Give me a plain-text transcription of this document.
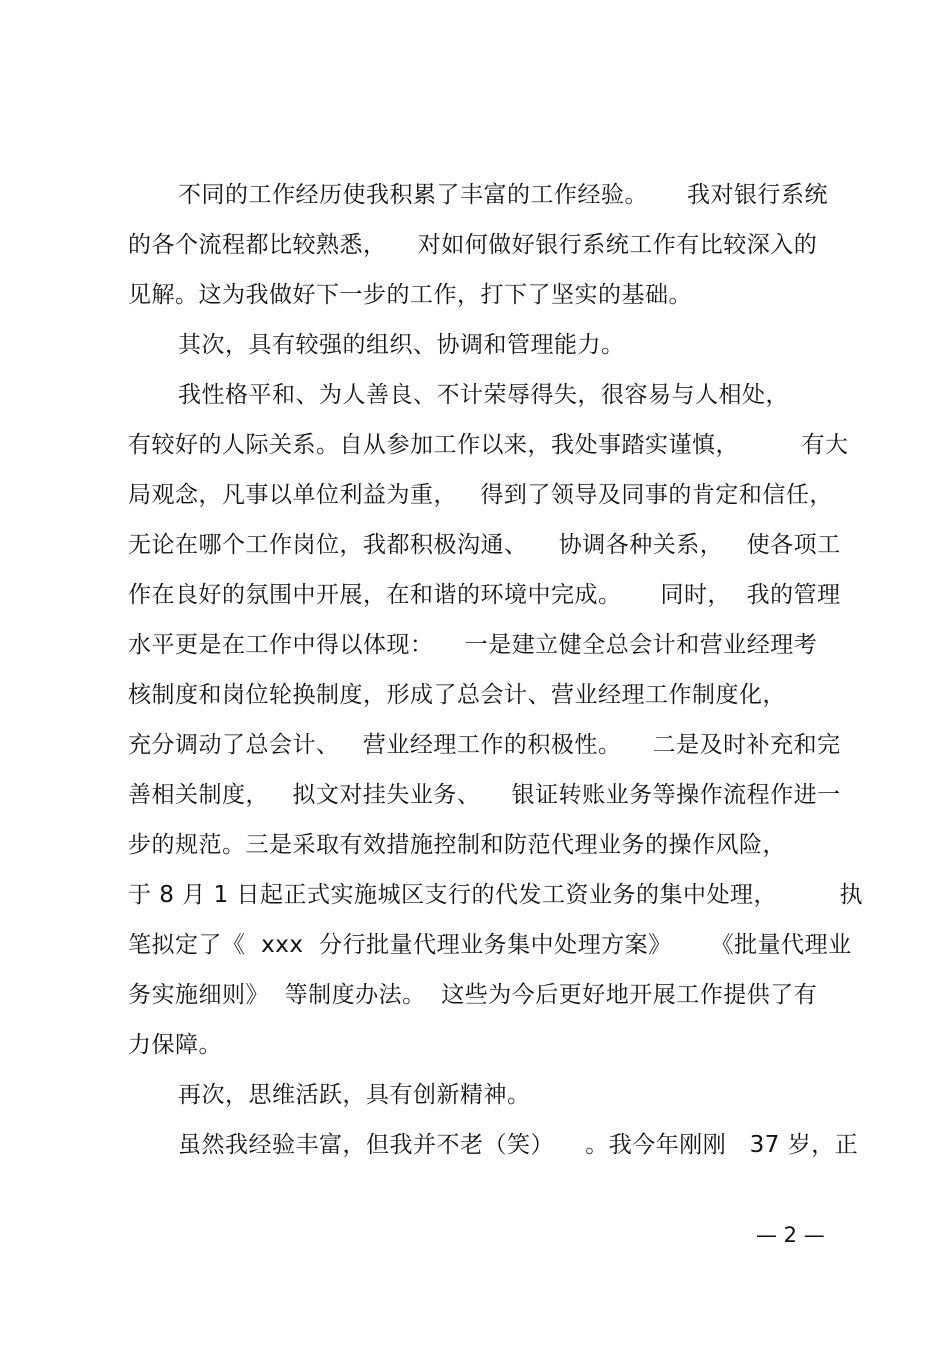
不同的工作经历使我积累了丰富的工作经验。     我对银行系统
的各个流程都比较熟悉，    对如何做好银行系统工作有比较深入的
见解。这为我做好下一步的工作，打下了坚实的基础。
其次，具有较强的组织、协调和管理能力。
我性格平和、为人善良、不计荣辱得失，很容易与人相处，
有较好的人际关系。自从参加工作以来，我处事踏实谨慎，        有大
局观念，凡事以单位利益为重，   得到了领导及同事的肯定和信任，
无论在哪个工作岗位，我都积极沟通、    协调各种关系，   使各项工
作在良好的氛围中开展，在和谐的环境中完成。     同时，  我的管理
水平更是在工作中得以体现：    一是建立健全总会计和营业经理考
核制度和岗位轮换制度，形成了总会计、营业经理工作制度化，
充分调动了总会计、   营业经理工作的积极性。    二是及时补充和完
善相关制度，   拟文对挂失业务、    银证转账业务等操作流程作进一
步的规范。三是采取有效措施控制和防范代理业务的操作风险，
于 8 月 1 日起正式实施城区支行的代发工资业务的集中处理，        执
笔拟定了《  xxx  分行批量代理业务集中处理方案》     《批量代理业
务实施细则》  等制度办法。  这些为今后更好地开展工作提供了有
力保障。
再次，思维活跃，具有创新精神。
虽然我经验丰富，但我并不老（笑）    。我今年刚刚   37 岁，正
— 2 —
